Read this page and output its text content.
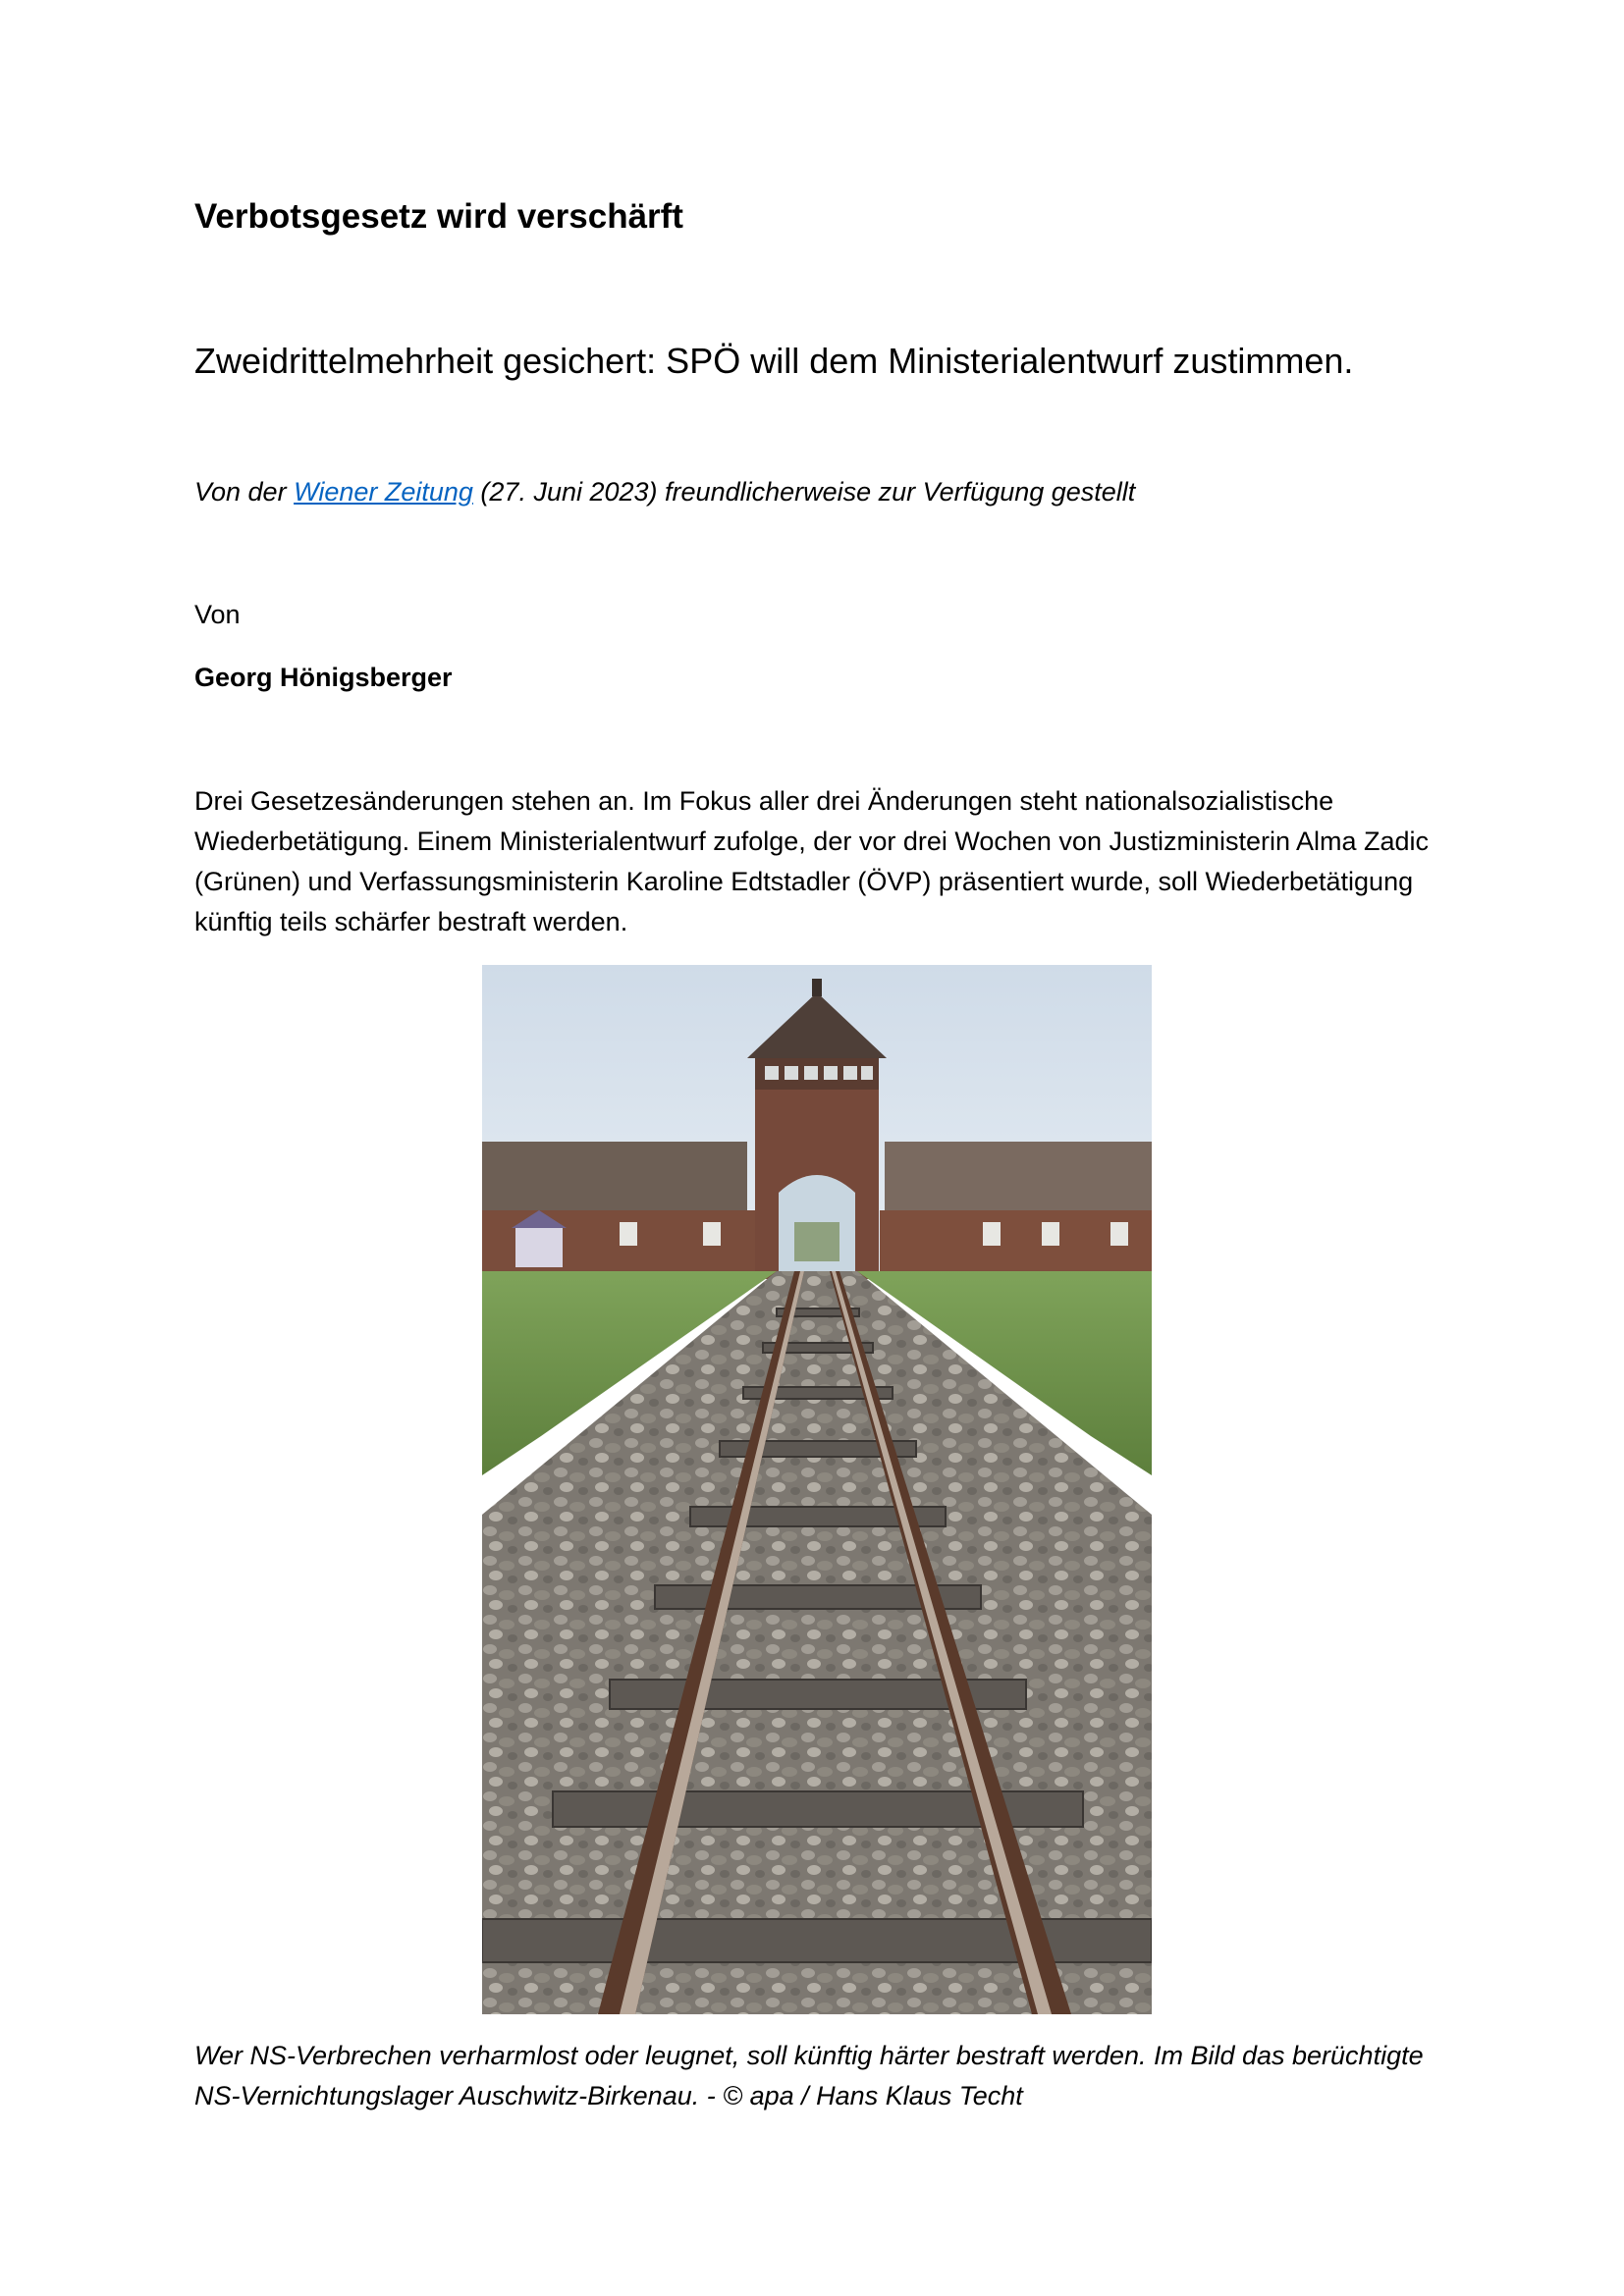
Verbotsgesetz wird verschärft
Zweidrittelmehrheit gesichert: SPÖ will dem Ministerialentwurf zustimmen.
Von der Wiener Zeitung (27. Juni 2023) freundlicherweise zur Verfügung gestellt
Von
Georg Hönigsberger
Drei Gesetzesänderungen stehen an. Im Fokus aller drei Änderungen steht nationalsozialistische Wiederbetätigung. Einem Ministerialentwurf zufolge, der vor drei Wochen von Justizministerin Alma Zadic (Grünen) und Verfassungsministerin Karoline Edtstadler (ÖVP) präsentiert wurde, soll Wiederbetätigung künftig teils schärfer bestraft werden.
Wer NS-Verbrechen verharmlost oder leugnet, soll künftig härter bestraft werden. Im Bild das berüchtigte NS-Vernichtungslager Auschwitz-Birkenau. - © apa / Hans Klaus Techt
